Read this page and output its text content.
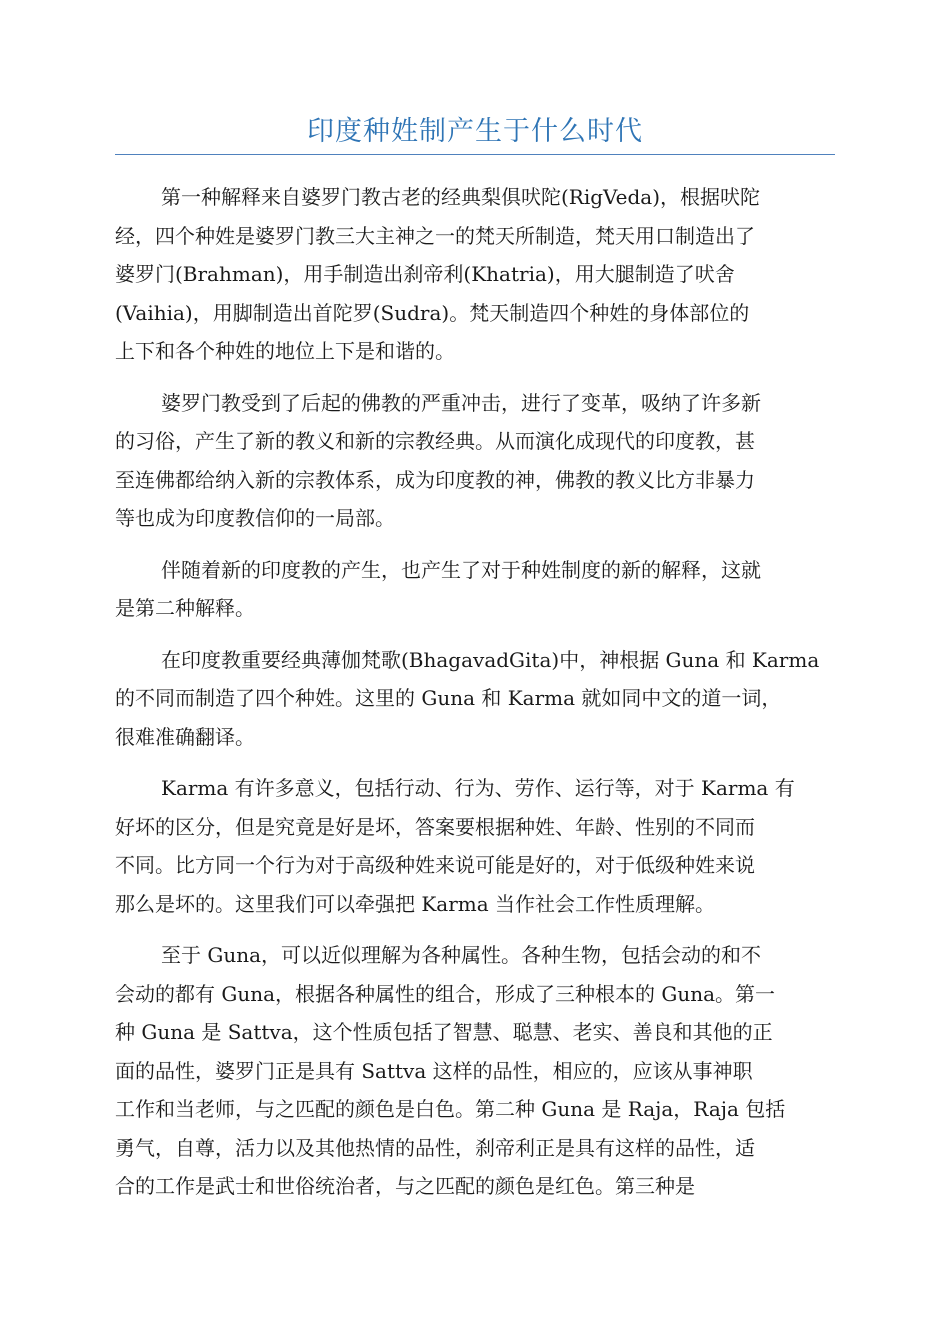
印度种姓制产生于什么时代
第一种解释来自婆罗门教古老的经典梨俱吠陀(RigVeda)，根据吠陀
经，四个种姓是婆罗门教三大主神之一的梵天所制造，梵天用口制造出了
婆罗门(Brahman)，用手制造出刹帝利(Khatria)，用大腿制造了吠舍
(Vaihia)，用脚制造出首陀罗(Sudra)。梵天制造四个种姓的身体部位的
上下和各个种姓的地位上下是和谐的。
婆罗门教受到了后起的佛教的严重冲击，进行了变革，吸纳了许多新
的习俗，产生了新的教义和新的宗教经典。从而演化成现代的印度教，甚
至连佛都给纳入新的宗教体系，成为印度教的神，佛教的教义比方非暴力
等也成为印度教信仰的一局部。
伴随着新的印度教的产生，也产生了对于种姓制度的新的解释，这就
是第二种解释。
在印度教重要经典薄伽梵歌(BhagavadGita)中，神根据 Guna 和 Karma
的不同而制造了四个种姓。这里的 Guna 和 Karma 就如同中文的道一词，
很难准确翻译。
Karma 有许多意义，包括行动、行为、劳作、运行等，对于 Karma 有
好坏的区分，但是究竟是好是坏，答案要根据种姓、年龄、性别的不同而
不同。比方同一个行为对于高级种姓来说可能是好的，对于低级种姓来说
那么是坏的。这里我们可以牵强把 Karma 当作社会工作性质理解。
至于 Guna，可以近似理解为各种属性。各种生物，包括会动的和不
会动的都有 Guna，根据各种属性的组合，形成了三种根本的 Guna。第一
种 Guna 是 Sattva，这个性质包括了智慧、聪慧、老实、善良和其他的正
面的品性，婆罗门正是具有 Sattva 这样的品性，相应的，应该从事神职
工作和当老师，与之匹配的颜色是白色。第二种 Guna 是 Raja，Raja 包括
勇气，自尊，活力以及其他热情的品性，刹帝利正是具有这样的品性，适
合的工作是武士和世俗统治者，与之匹配的颜色是红色。第三种是
